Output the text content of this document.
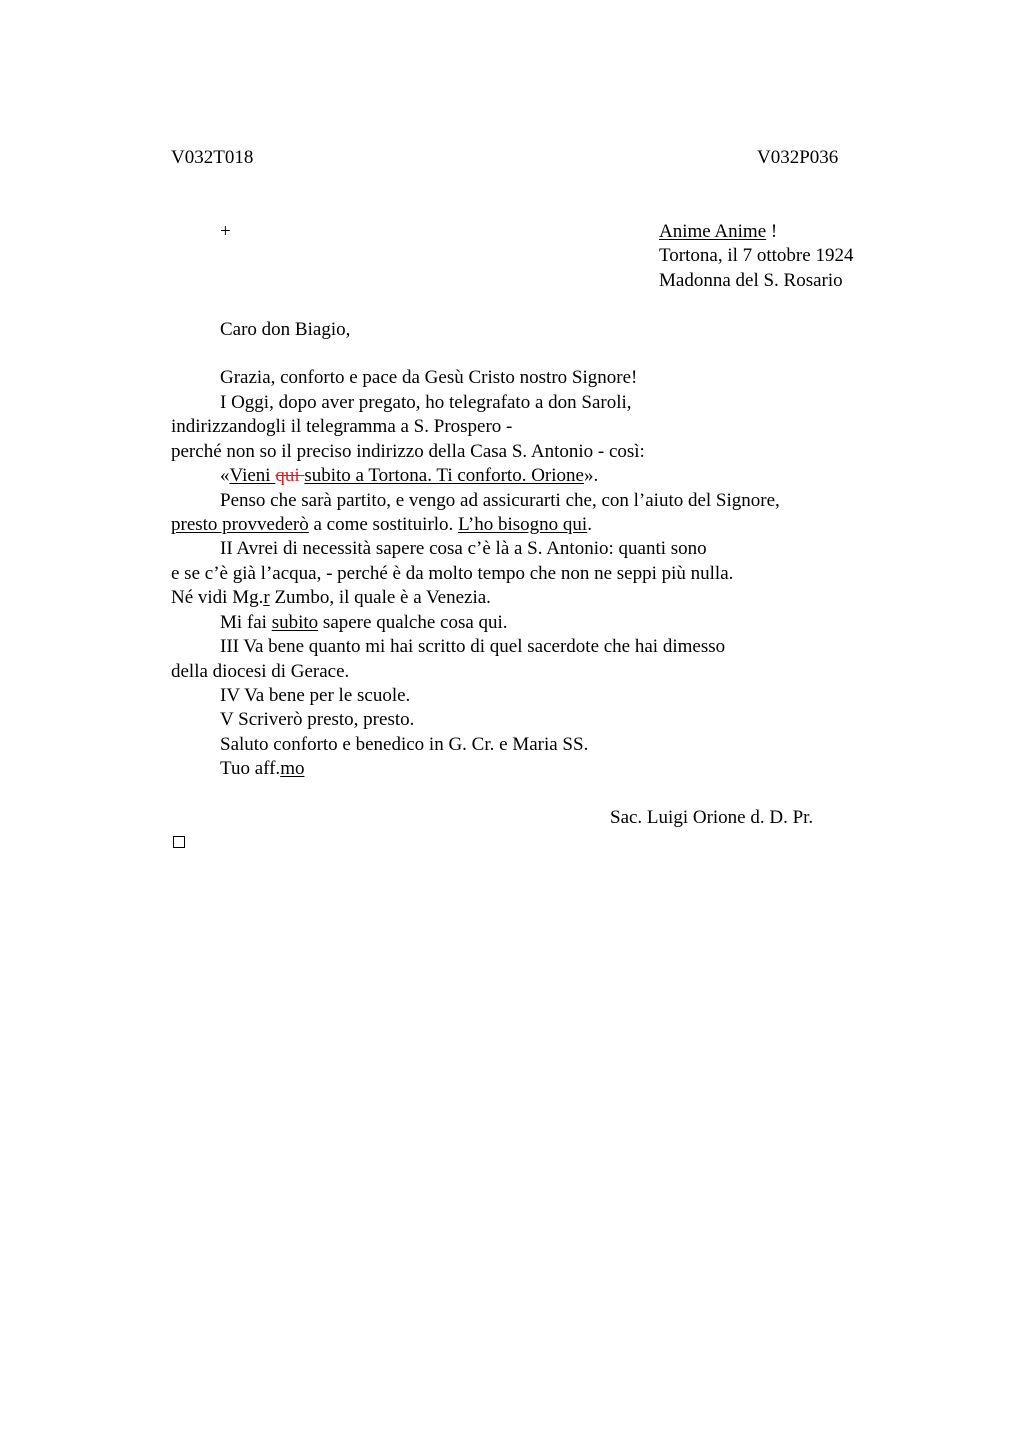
V032T018	V032P036
+	Anime Anime !
Tortona, il 7 ottobre 1924
Madonna del S. Rosario
Caro don Biagio,
Grazia, conforto e pace da Gesù Cristo nostro Signore!
I Oggi, dopo aver pregato, ho telegrafato a don Saroli,
indirizzandogli il telegramma a S. Prospero -
perché non so il preciso indirizzo della Casa S. Antonio - così:
«Vieni qui subito a Tortona. Ti conforto. Orione».
Penso che sarà partito, e vengo ad assicurarti che, con l’aiuto del Signore,
presto provvederò a come sostituirlo. L’ho bisogno qui.
II Avrei di necessità sapere cosa c’è là a S. Antonio: quanti sono
e se c’è già l’acqua, - perché è da molto tempo che non ne seppi più nulla.
Né vidi Mg.r Zumbo, il quale è a Venezia.
Mi fai subito sapere qualche cosa qui.
III Va bene quanto mi hai scritto di quel sacerdote che hai dimesso
della diocesi di Gerace.
IV Va bene per le scuole.
V Scriverò presto, presto.
Saluto conforto e benedico in G. Cr. e Maria SS.
Tuo aff.mo
Sac. Luigi Orione d. D. Pr.
